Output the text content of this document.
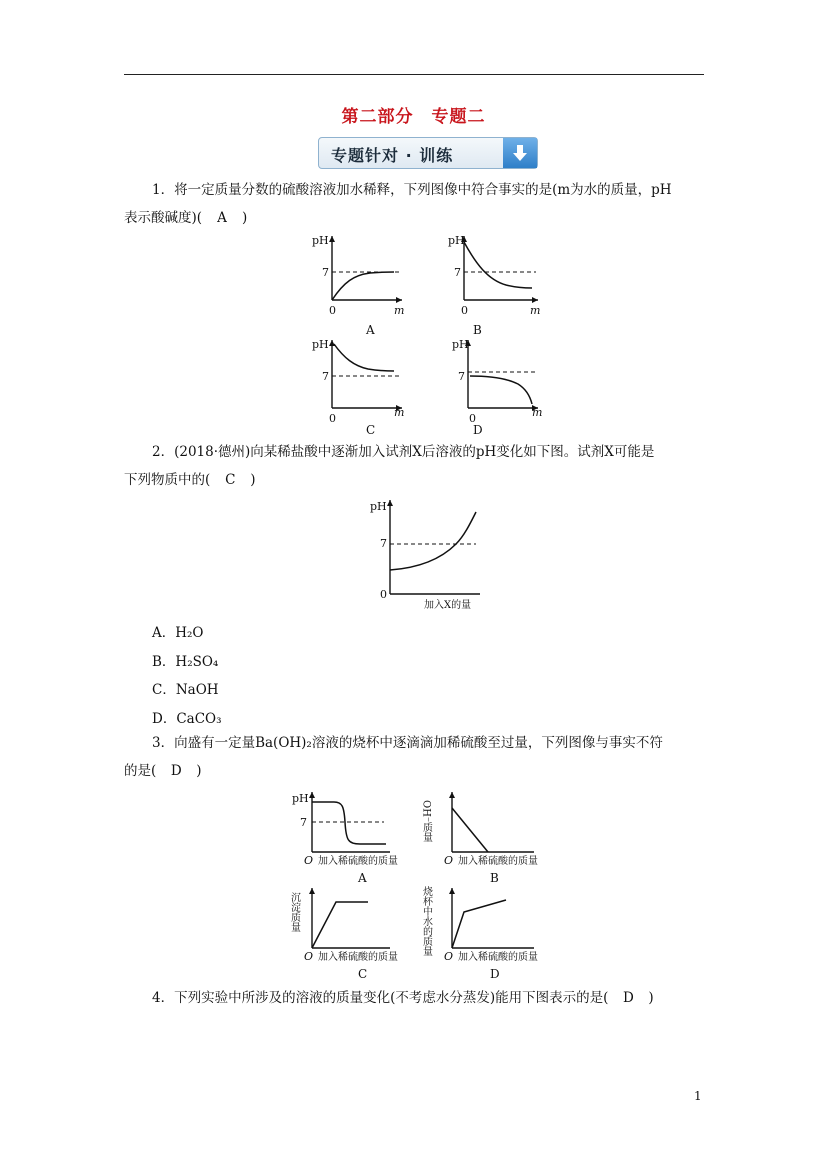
第二部分 专题二
专题针对 · 训练
1．将一定质量分数的硫酸溶液加水稀释，下列图像中符合事实的是(m为水的质量，pH
表示酸碱度)( A )
pH
7
0	m
A
pH
7
0	m
B
pH
7
0	m
C
pH
7
0	m
D
2．(2018·德州)向某稀盐酸中逐渐加入试剂X后溶液的pH变化如下图。试剂X可能是
下列物质中的( C )
pH
7
0
加入X的量
A．H₂O
B．H₂SO₄
C．NaOH
D．CaCO₃
3．向盛有一定量Ba(OH)₂溶液的烧杯中逐滴滴加稀硫酸至过量，下列图像与事实不符
的是( D )
pH
7
O 加入稀硫酸的质量
A
OH⁻质量
O 加入稀硫酸的质量
B
沉淀质量
O 加入稀硫酸的质量
C
烧杯中水的质量
O 加入稀硫酸的质量
D
4．下列实验中所涉及的溶液的质量变化(不考虑水分蒸发)能用下图表示的是( D )
1
